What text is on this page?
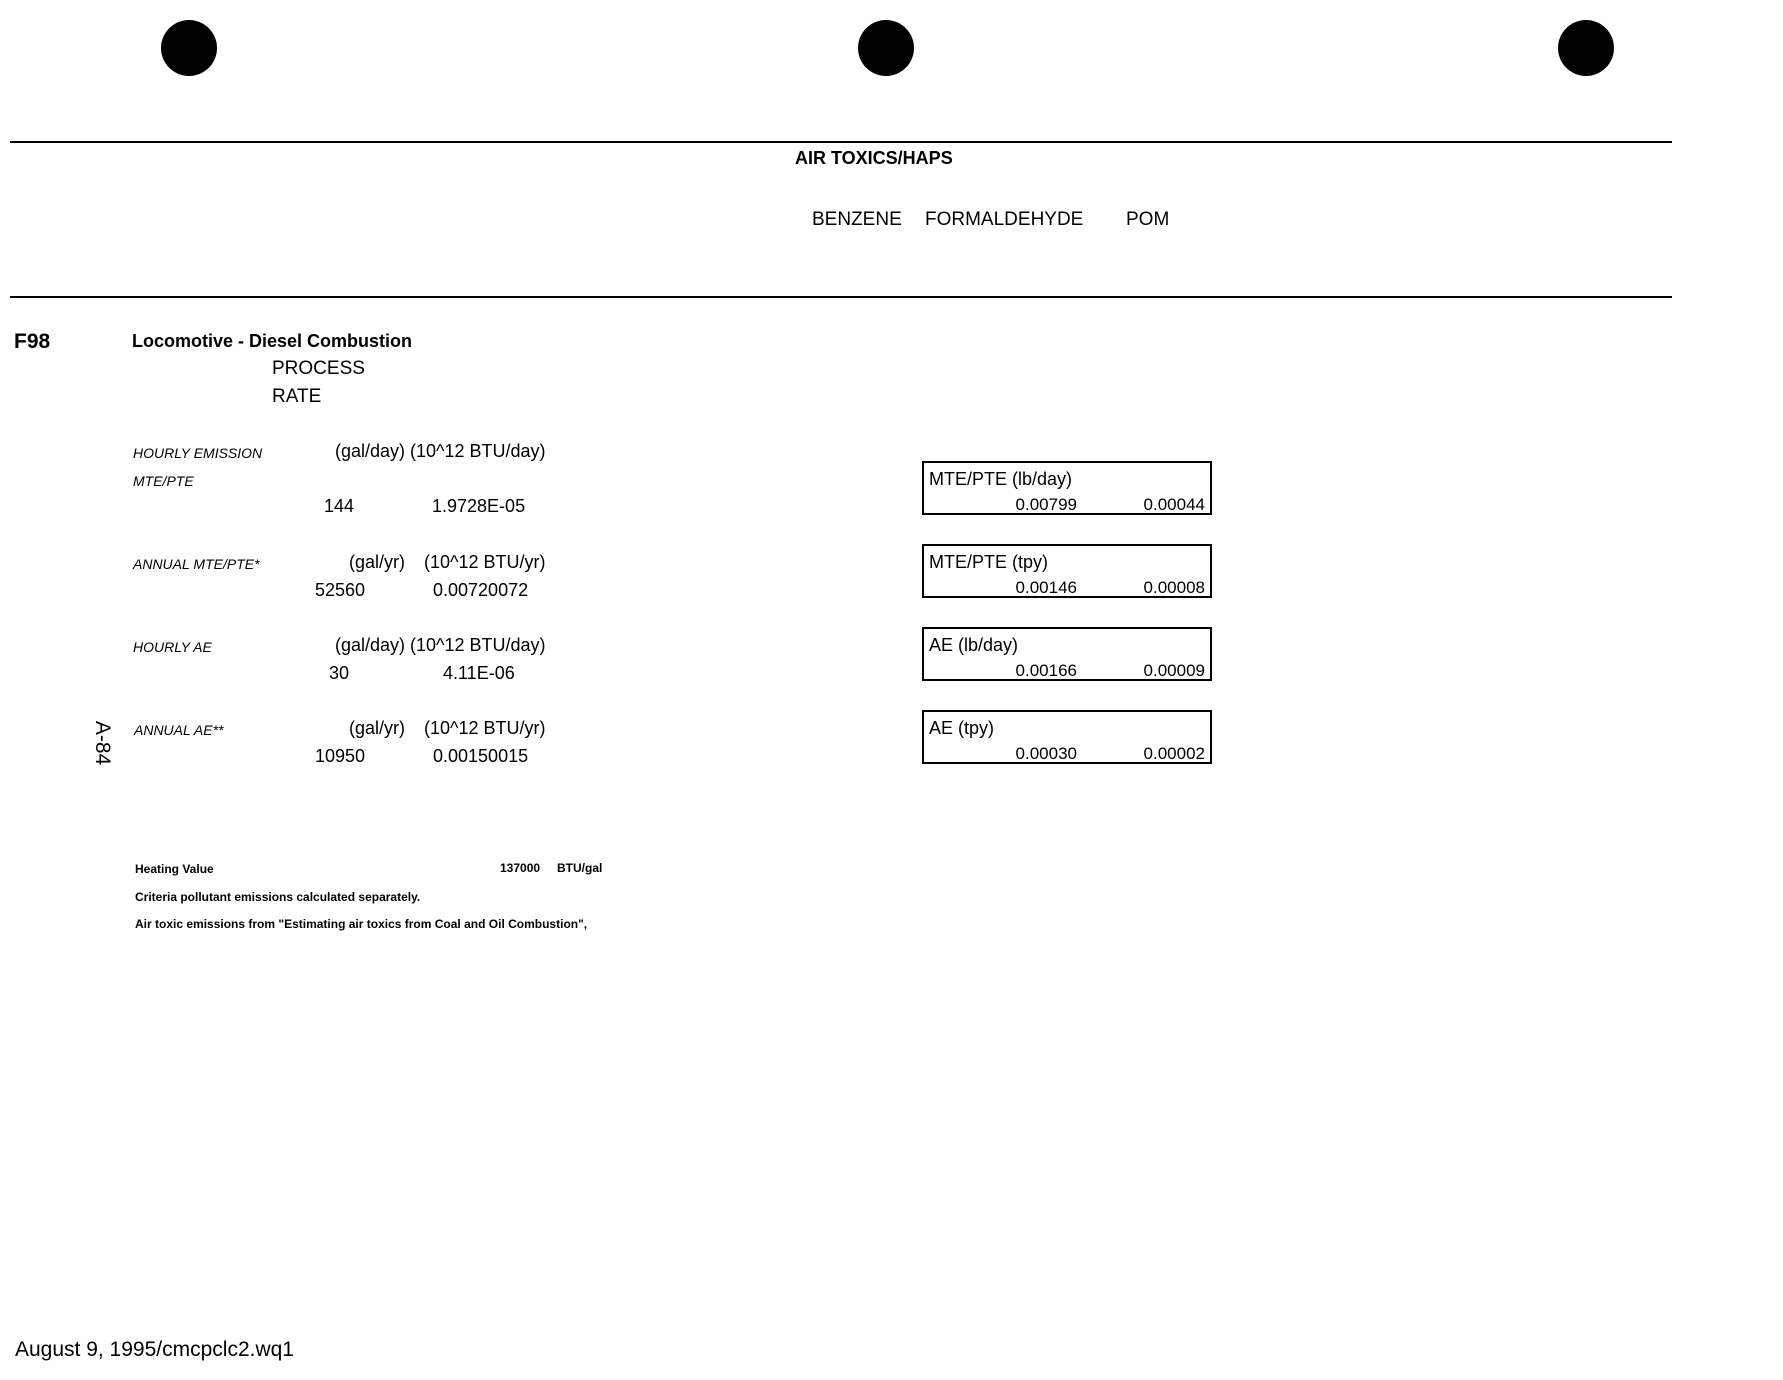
AIR TOXICS/HAPS
BENZENE FORMALDEHYDE POM
F98	Locomotive - Diesel Combustion
PROCESS
RATE
HOURLY EMISSION
MTE/PTE
(gal/day) (10^12 BTU/day)
144	1.9728E-05
ANNUAL MTE/PTE*	(gal/yr) (10^12 BTU/yr)
52560	0.00720072
HOURLY AE	(gal/day) (10^12 BTU/day)
30	4.11E-06
ANNUAL AE**	(gal/yr) (10^12 BTU/yr)
10950	0.00150015
A-84
MTE/PTE (lb/day)
0.00799	0.00044
MTE/PTE (tpy)
0.00146	0.00008
AE (lb/day)
0.00166	0.00009
AE (tpy)
0.00030	0.00002
Heating Value	137000 BTU/gal
Criteria pollutant emissions calculated separately.
Air toxic emissions from "Estimating air toxics from Coal and Oil Combustion",
August 9, 1995/cmcpclc2.wq1
